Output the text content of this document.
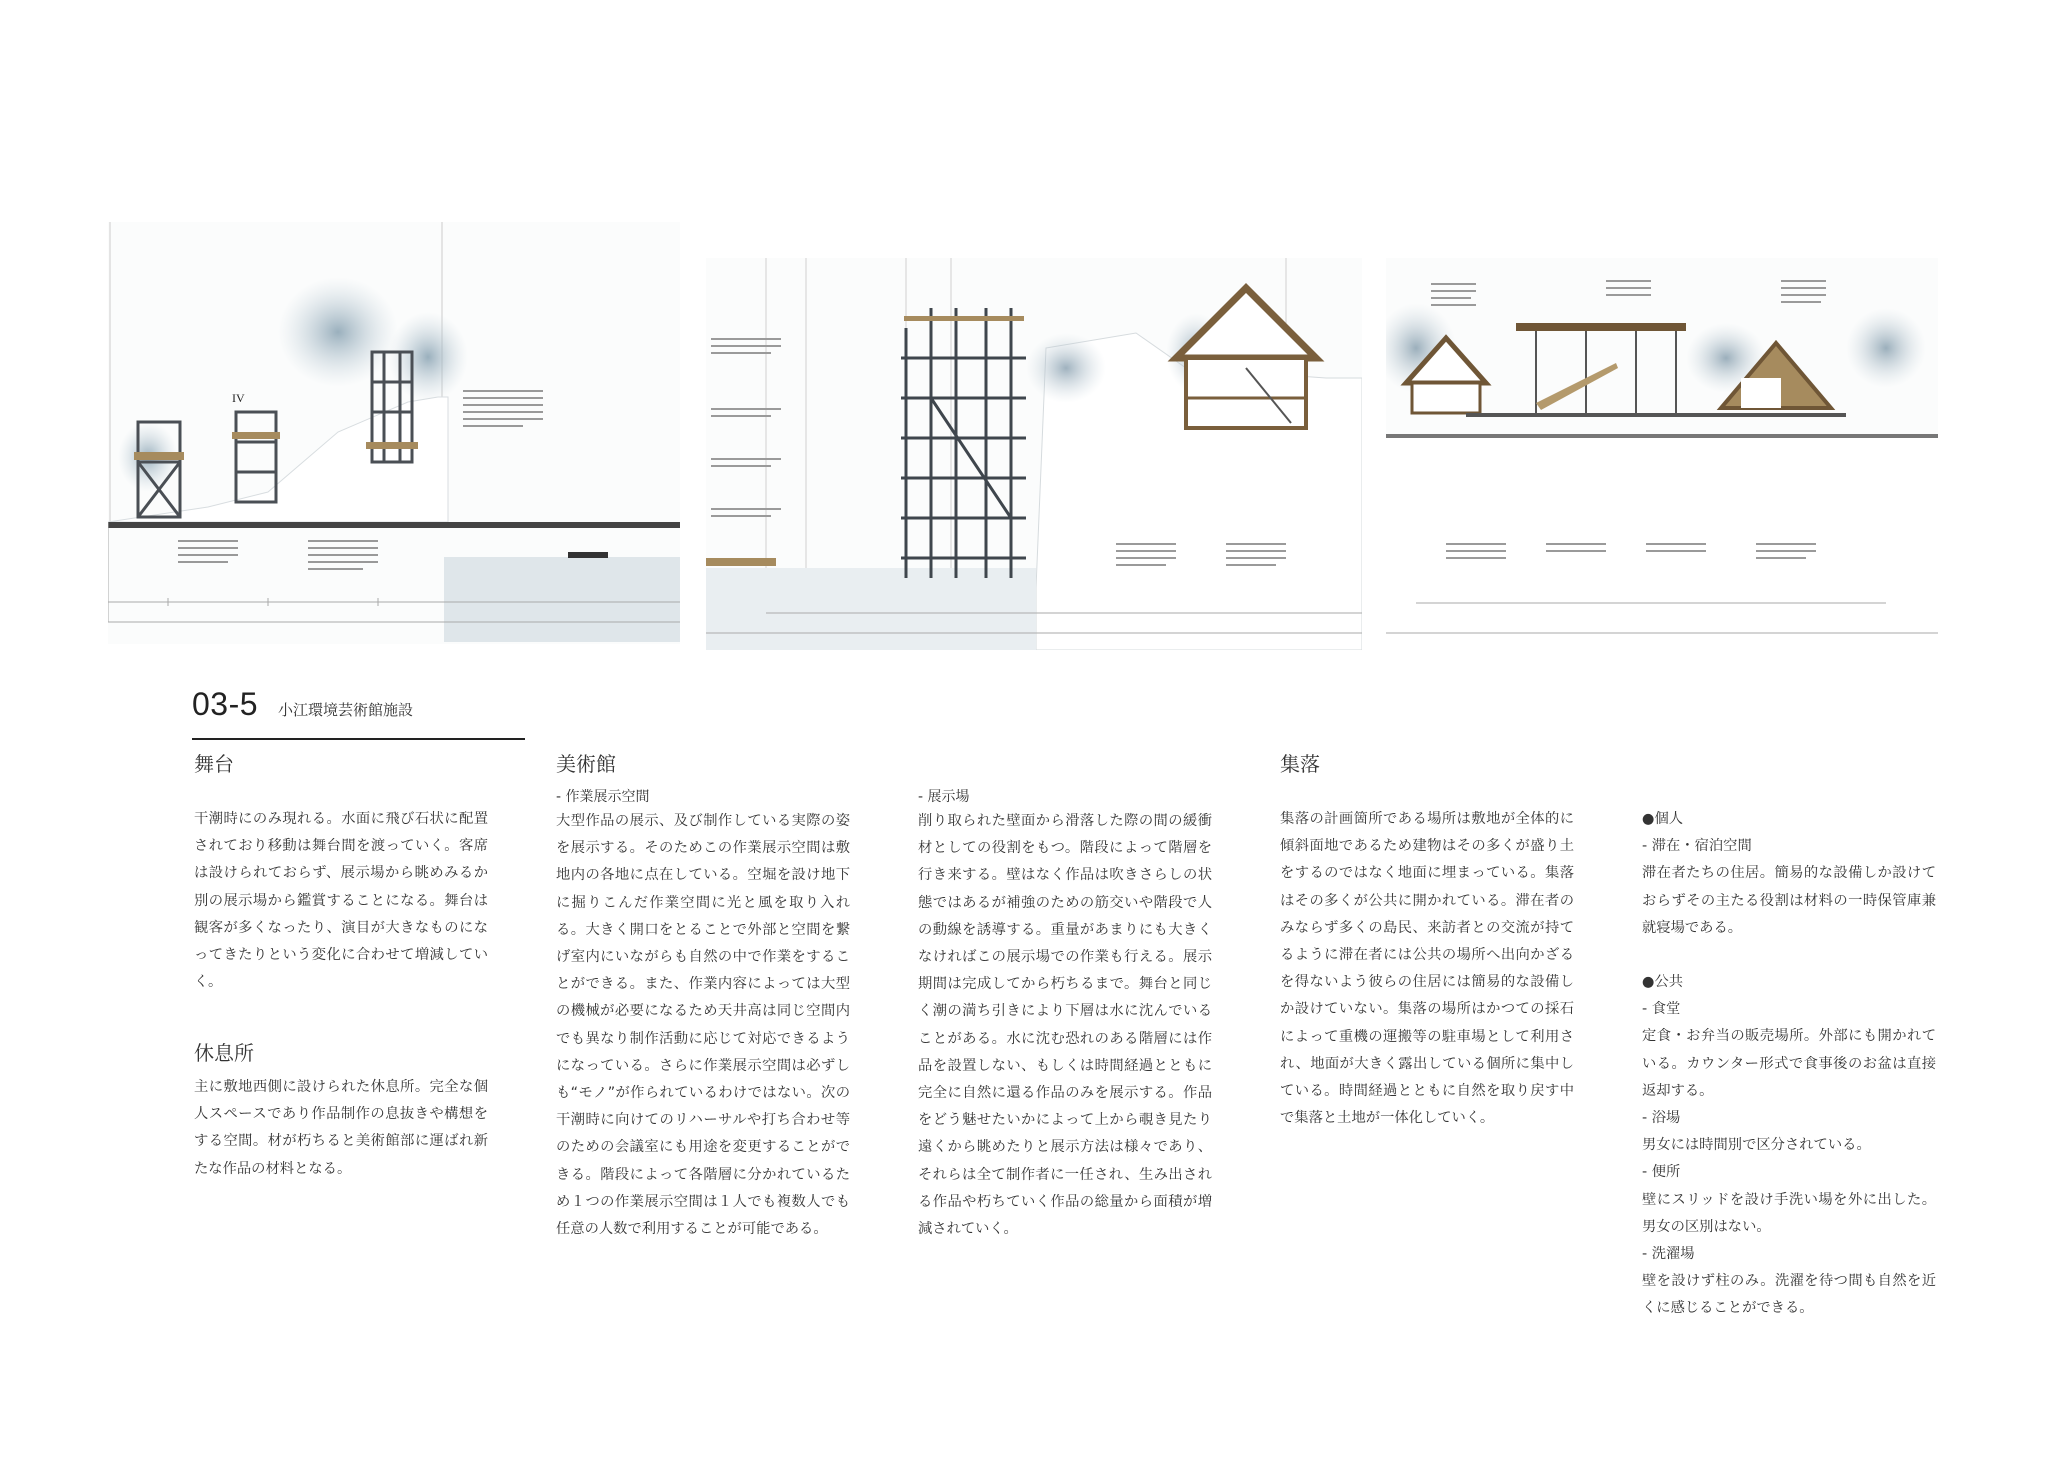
IV
03-5 小江環境芸術館施設
舞台
干潮時にのみ現れる。水面に飛び石状に配置されており移動は舞台間を渡っていく。客席は設けられておらず、展示場から眺めみるか別の展示場から鑑賞することになる。舞台は観客が多くなったり、演目が大きなものになってきたりという変化に合わせて増減していく。
休息所
主に敷地西側に設けられた休息所。完全な個人スペースであり作品制作の息抜きや構想をする空間。材が朽ちると美術館部に運ばれ新たな作品の材料となる。
美術館
- 作業展示空間
大型作品の展示、及び制作している実際の姿を展示する。そのためこの作業展示空間は敷地内の各地に点在している。空堀を設け地下に掘りこんだ作業空間に光と風を取り入れる。大きく開口をとることで外部と空間を繋げ室内にいながらも自然の中で作業をすることができる。また、作業内容によっては大型の機械が必要になるため天井高は同じ空間内でも異なり制作活動に応じて対応できるようになっている。さらに作業展示空間は必ずしも“モノ”が作られているわけではない。次の干潮時に向けてのリハーサルや打ち合わせ等のための会議室にも用途を変更することができる。階段によって各階層に分かれているため１つの作業展示空間は１人でも複数人でも任意の人数で利用することが可能である。
- 展示場
削り取られた壁面から滑落した際の間の緩衝材としての役割をもつ。階段によって階層を行き来する。壁はなく作品は吹きさらしの状態ではあるが補強のための筋交いや階段で人の動線を誘導する。重量があまりにも大きくなければこの展示場での作業も行える。展示期間は完成してから朽ちるまで。舞台と同じく潮の満ち引きにより下層は水に沈んでいることがある。水に沈む恐れのある階層には作品を設置しない、もしくは時間経過とともに完全に自然に還る作品のみを展示する。作品をどう魅せたいかによって上から覗き見たり遠くから眺めたりと展示方法は様々であり、それらは全て制作者に一任され、生み出される作品や朽ちていく作品の総量から面積が増減されていく。
集落
集落の計画箇所である場所は敷地が全体的に傾斜面地であるため建物はその多くが盛り土をするのではなく地面に埋まっている。集落はその多くが公共に開かれている。滞在者のみならず多くの島民、来訪者との交流が持てるように滞在者には公共の場所へ出向かざるを得ないよう彼らの住居には簡易的な設備しか設けていない。集落の場所はかつての採石によって重機の運搬等の駐車場として利用され、地面が大きく露出している個所に集中している。時間経過とともに自然を取り戻す中で集落と土地が一体化していく。
●個人
- 滞在・宿泊空間
滞在者たちの住居。簡易的な設備しか設けておらずその主たる役割は材料の一時保管庫兼就寝場である。
●公共
- 食堂
定食・お弁当の販売場所。外部にも開かれている。カウンター形式で食事後のお盆は直接返却する。
- 浴場
男女には時間別で区分されている。
- 便所
壁にスリッドを設け手洗い場を外に出した。男女の区別はない。
- 洗濯場
壁を設けず柱のみ。洗濯を待つ間も自然を近くに感じることができる。
